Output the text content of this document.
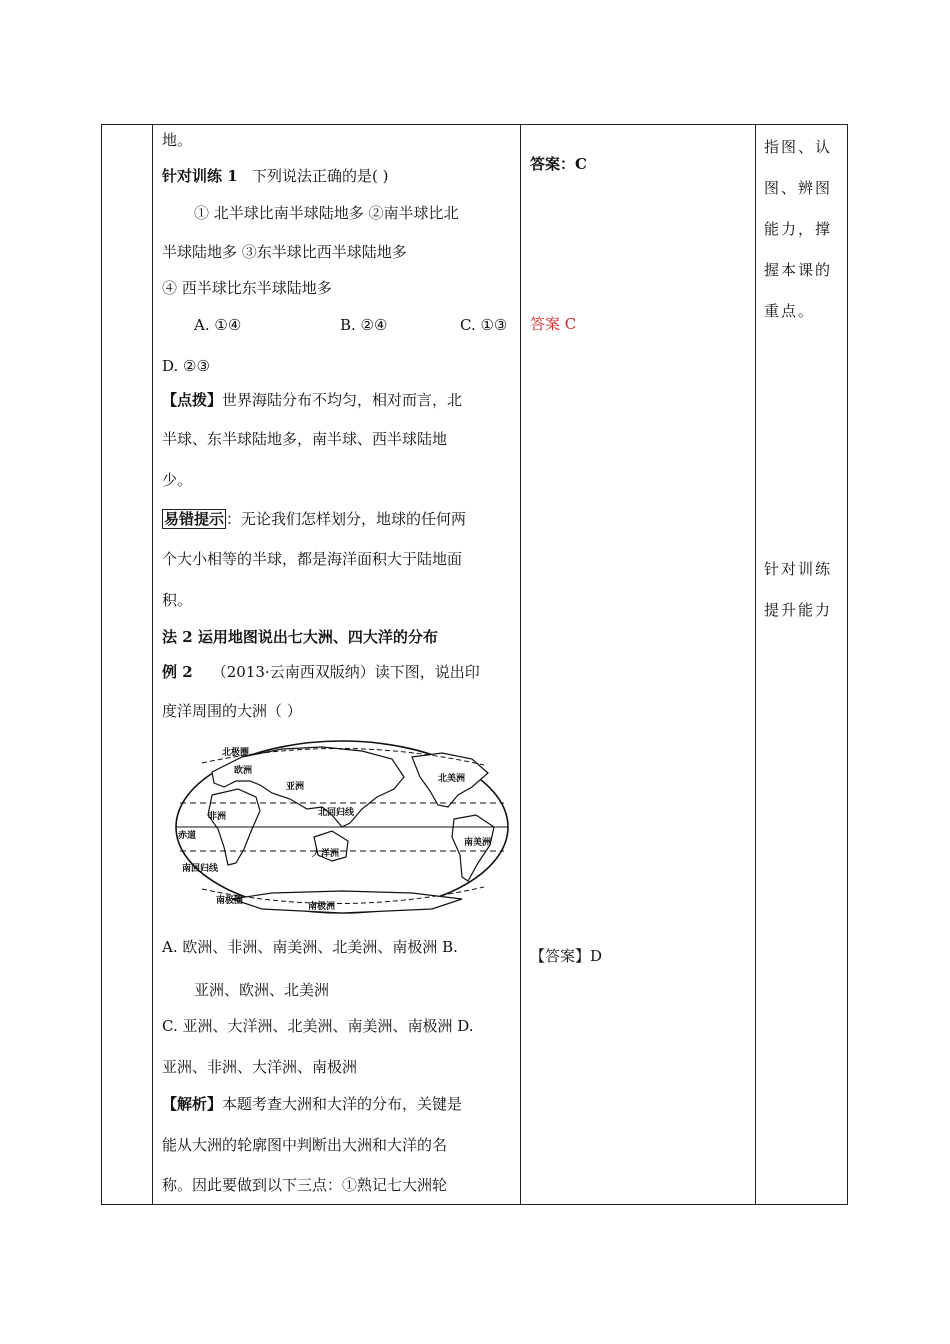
地。
针对训练 1 下列说法正确的是( )
① 北半球比南半球陆地多 ②南半球比北
半球陆地多 ③东半球比西半球陆地多
④ 西半球比东半球陆地多
A. ①④	B. ②④	C. ①③
D. ②③
【点拨】世界海陆分布不均匀，相对而言，北
半球、东半球陆地多，南半球、西半球陆地
少。
易错提示 ：无论我们怎样划分，地球的任何两
个大小相等的半球，都是海洋面积大于陆地面
积。
法 2 运用地图说出七大洲、四大洋的分布
例 2 （2013·云南西双版纳）读下图，说出印
度洋周围的大洲（ ）
A. 欧洲、非洲、南美洲、北美洲、南极洲 B.
亚洲、欧洲、北美洲
C. 亚洲、大洋洲、北美洲、南美洲、南极洲 D.
亚洲、非洲、大洋洲、南极洲
【解析】本题考查大洲和大洋的分布，关键是
能从大洲的轮廓图中判断出大洲和大洋的名
称。因此要做到以下三点：①熟记七大洲轮
北极圈
欧洲
亚洲
北美洲
非洲	北回归线
赤道
大洋洲
南美洲
南回归线
南极圈
南极洲
答案：C
答案 C
【答案】D
指图、认图、辨图能力，撑握本课的重点。
针对训练提升能力
